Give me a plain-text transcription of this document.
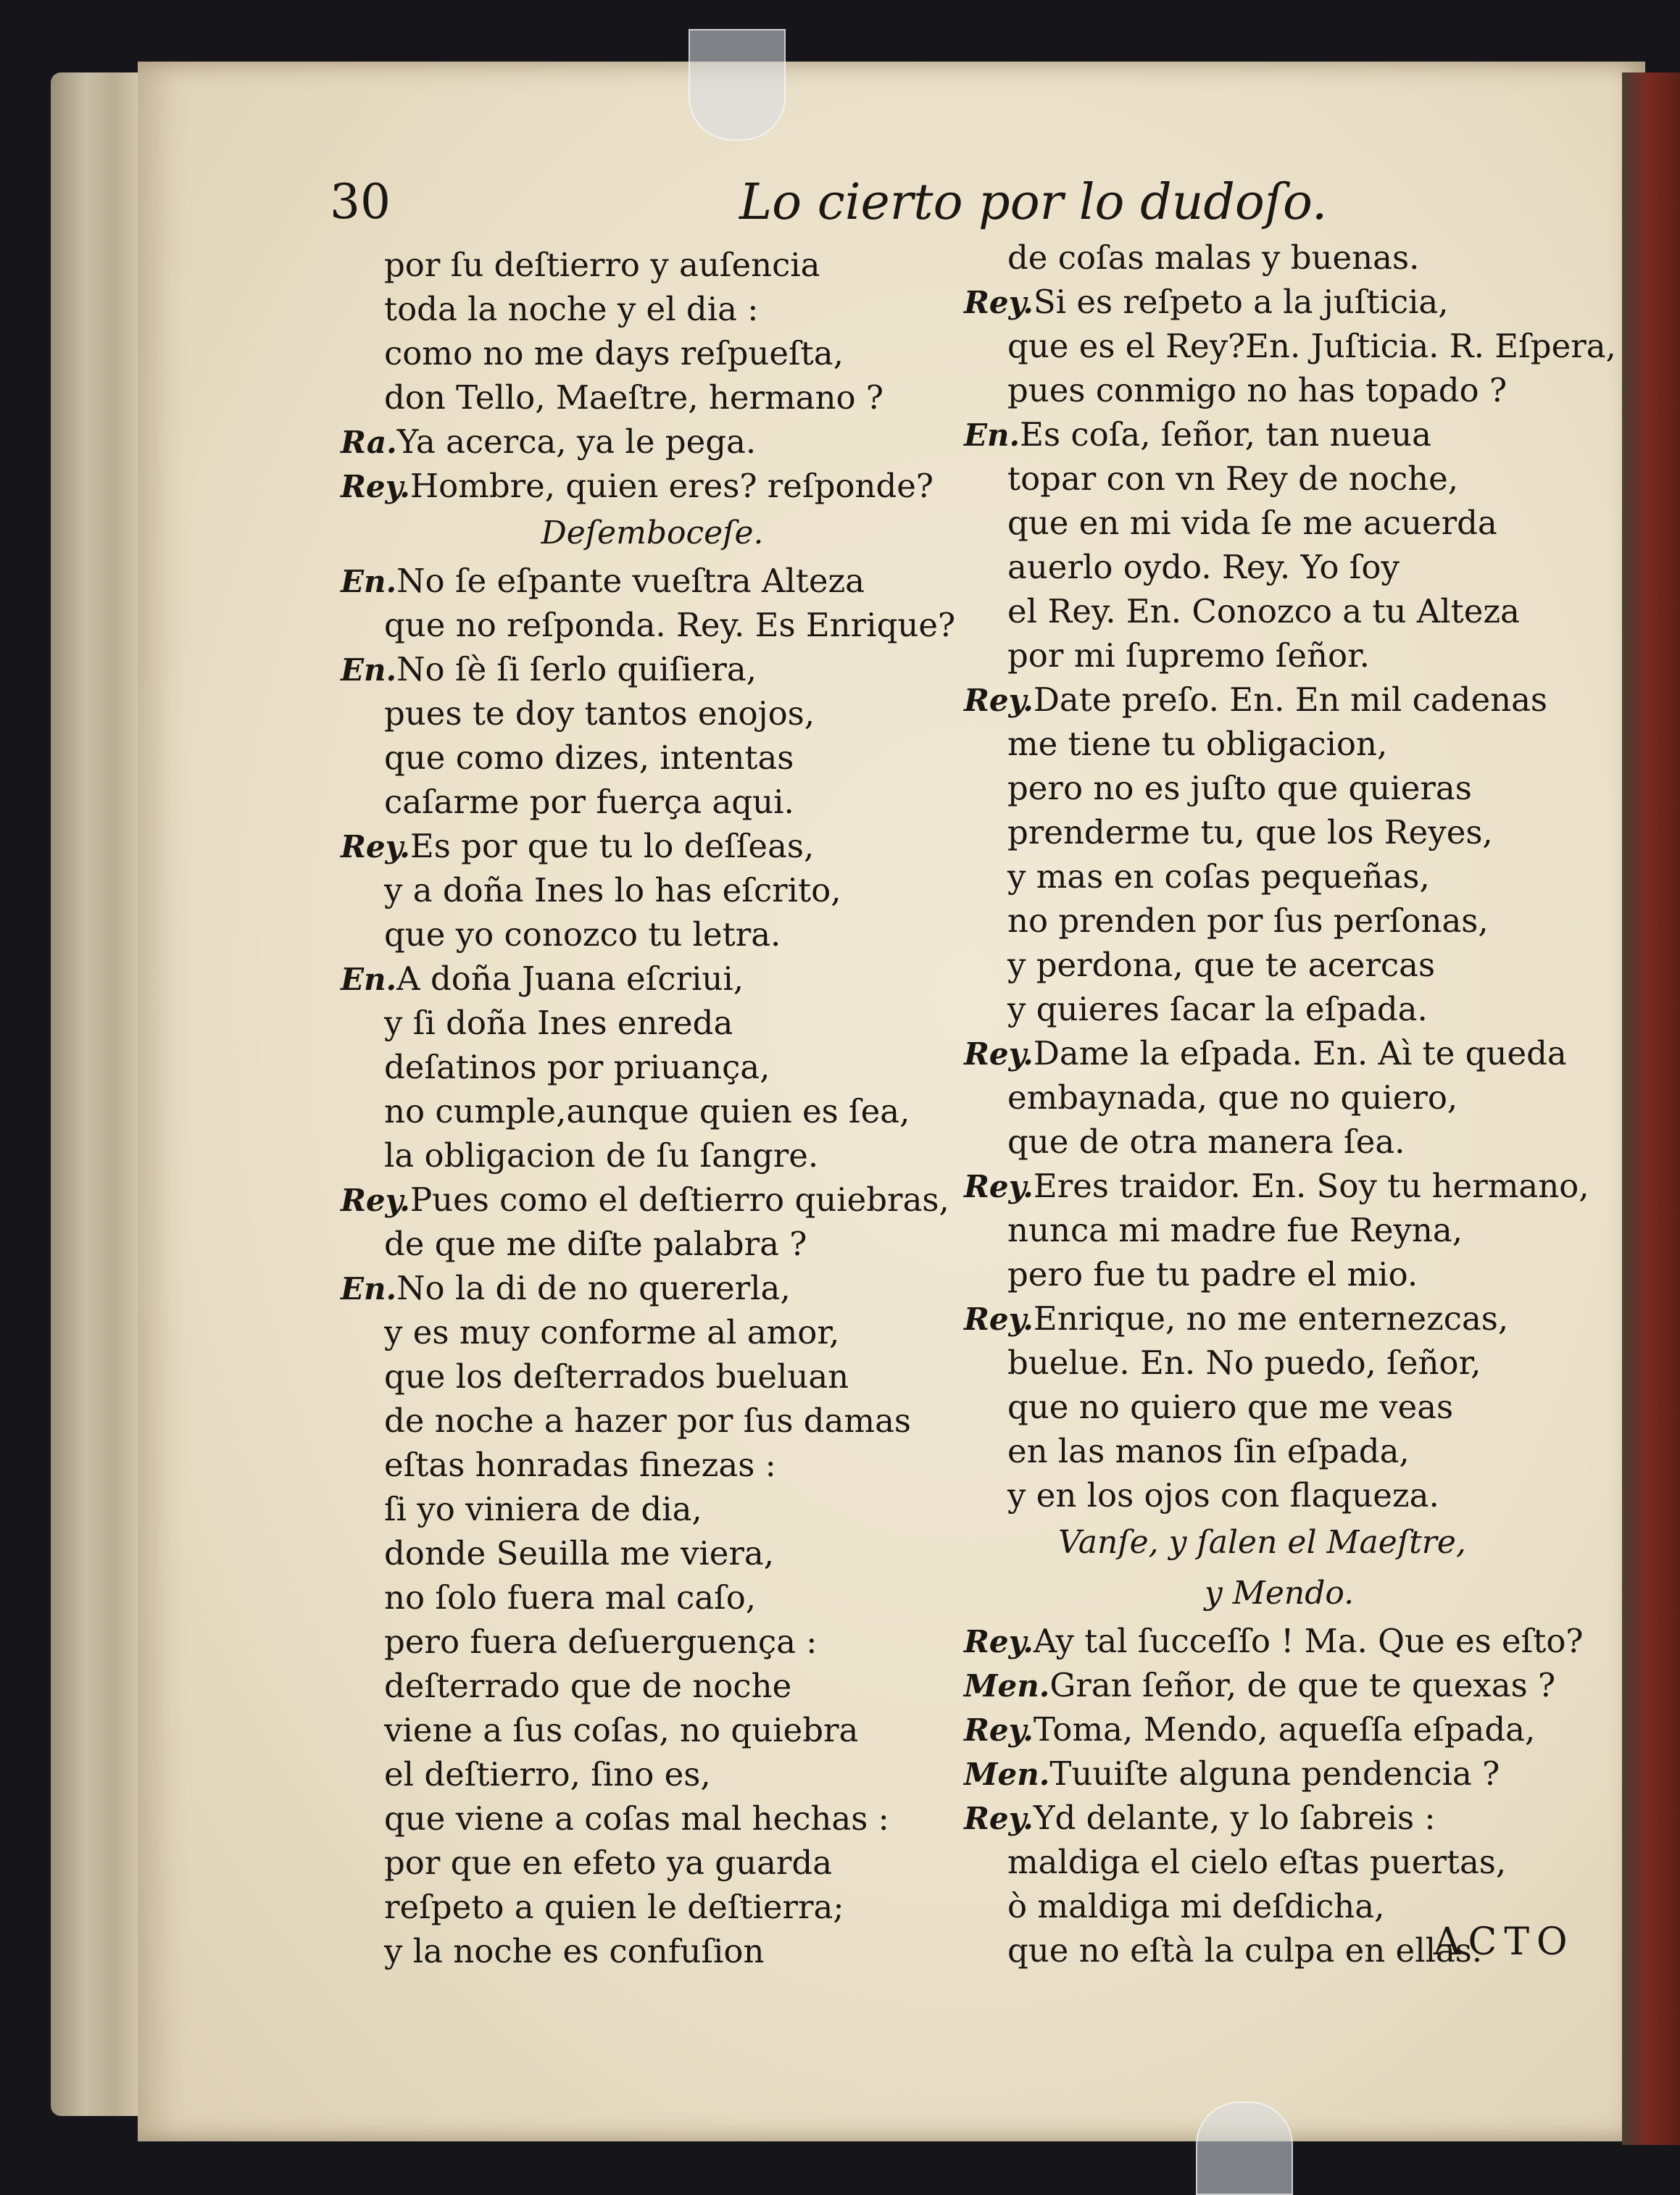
30	Lo cierto por lo dudoſo.
por ſu deſtierro y auſencia
toda la noche y el dia :
como no me days reſpueſta,
don Tello, Maeſtre, hermano ?
Ra.Ya acerca, ya le pega.
Rey.Hombre, quien eres? reſponde?
Deſemboceſe.
En.No ſe eſpante vueſtra Alteza
que no reſponda. Rey. Es Enrique?
En.No ſè ſi ſerlo quiſiera,
pues te doy tantos enojos,
que como dizes, intentas
caſarme por fuerça aqui.
Rey.Es por que tu lo deſſeas,
y a doña Ines lo has eſcrito,
que yo conozco tu letra.
En.A doña Juana eſcriui,
y ſi doña Ines enreda
deſatinos por priuança,
no cumple,aunque quien es ſea,
la obligacion de ſu ſangre.
Rey.Pues como el deſtierro quiebras,
de que me diſte palabra ?
En.No la di de no quererla,
y es muy conforme al amor,
que los deſterrados bueluan
de noche a hazer por ſus damas
eſtas honradas finezas :
ſi yo viniera de dia,
donde Seuilla me viera,
no ſolo fuera mal caſo,
pero fuera deſuerguença :
deſterrado que de noche
viene a ſus coſas, no quiebra
el deſtierro, ſino es,
que viene a coſas mal hechas :
por que en efeto ya guarda
reſpeto a quien le deſtierra;
y la noche es confuſion
de coſas malas y buenas.
Rey.Si es reſpeto a la juſticia,
que es el Rey?En. Juſticia. R. Eſpera,
pues conmigo no has topado ?
En.Es coſa, ſeñor, tan nueua
topar con vn Rey de noche,
que en mi vida ſe me acuerda
auerlo oydo. Rey. Yo ſoy
el Rey. En. Conozco a tu Alteza
por mi ſupremo ſeñor.
Rey.Date preſo. En. En mil cadenas
me tiene tu obligacion,
pero no es juſto que quieras
prenderme tu, que los Reyes,
y mas en coſas pequeñas,
no prenden por ſus perſonas,
y perdona, que te acercas
y quieres ſacar la eſpada.
Rey.Dame la eſpada. En. Aì te queda
embaynada, que no quiero,
que de otra manera ſea.
Rey.Eres traidor. En. Soy tu hermano,
nunca mi madre fue Reyna,
pero fue tu padre el mio.
Rey.Enrique, no me enternezcas,
buelue. En. No puedo, ſeñor,
que no quiero que me veas
en las manos ſin eſpada,
y en los ojos con flaqueza.
Vanſe, y ſalen el Maeſtre,
y Mendo.
Rey.Ay tal ſucceſſo ! Ma. Que es eſto?
Men.Gran ſeñor, de que te quexas ?
Rey.Toma, Mendo, aqueſſa eſpada,
Men.Tuuiſte alguna pendencia ?
Rey.Yd delante, y lo ſabreis :
maldiga el cielo eſtas puertas,
ò maldiga mi deſdicha,
que no eſtà la culpa en ellas.
ACTO
